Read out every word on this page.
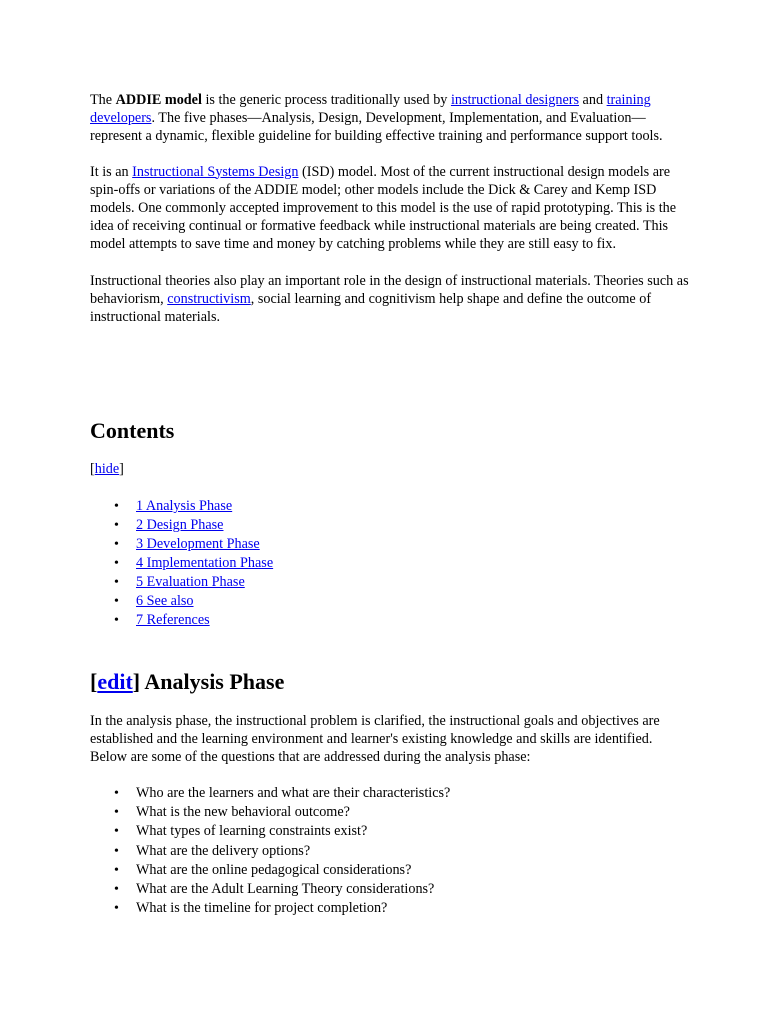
The ADDIE model is the generic process traditionally used by instructional designers and training developers. The five phases—Analysis, Design, Development, Implementation, and Evaluation—represent a dynamic, flexible guideline for building effective training and performance support tools.

It is an Instructional Systems Design (ISD) model. Most of the current instructional design models are spin-offs or variations of the ADDIE model; other models include the Dick & Carey and Kemp ISD models. One commonly accepted improvement to this model is the use of rapid prototyping. This is the idea of receiving continual or formative feedback while instructional materials are being created. This model attempts to save time and money by catching problems while they are still easy to fix.

Instructional theories also play an important role in the design of instructional materials. Theories such as behaviorism, constructivism, social learning and cognitivism help shape and define the outcome of instructional materials.

Contents
[hide]
• 1 Analysis Phase
• 2 Design Phase
• 3 Development Phase
• 4 Implementation Phase
• 5 Evaluation Phase
• 6 See also
• 7 References
[edit] Analysis Phase

In the analysis phase, the instructional problem is clarified, the instructional goals and objectives are established and the learning environment and learner's existing knowledge and skills are identified. Below are some of the questions that are addressed during the analysis phase:

• Who are the learners and what are their characteristics?
• What is the new behavioral outcome?
• What types of learning constraints exist?
• What are the delivery options?
• What are the online pedagogical considerations?
• What are the Adult Learning Theory considerations?
• What is the timeline for project completion?
